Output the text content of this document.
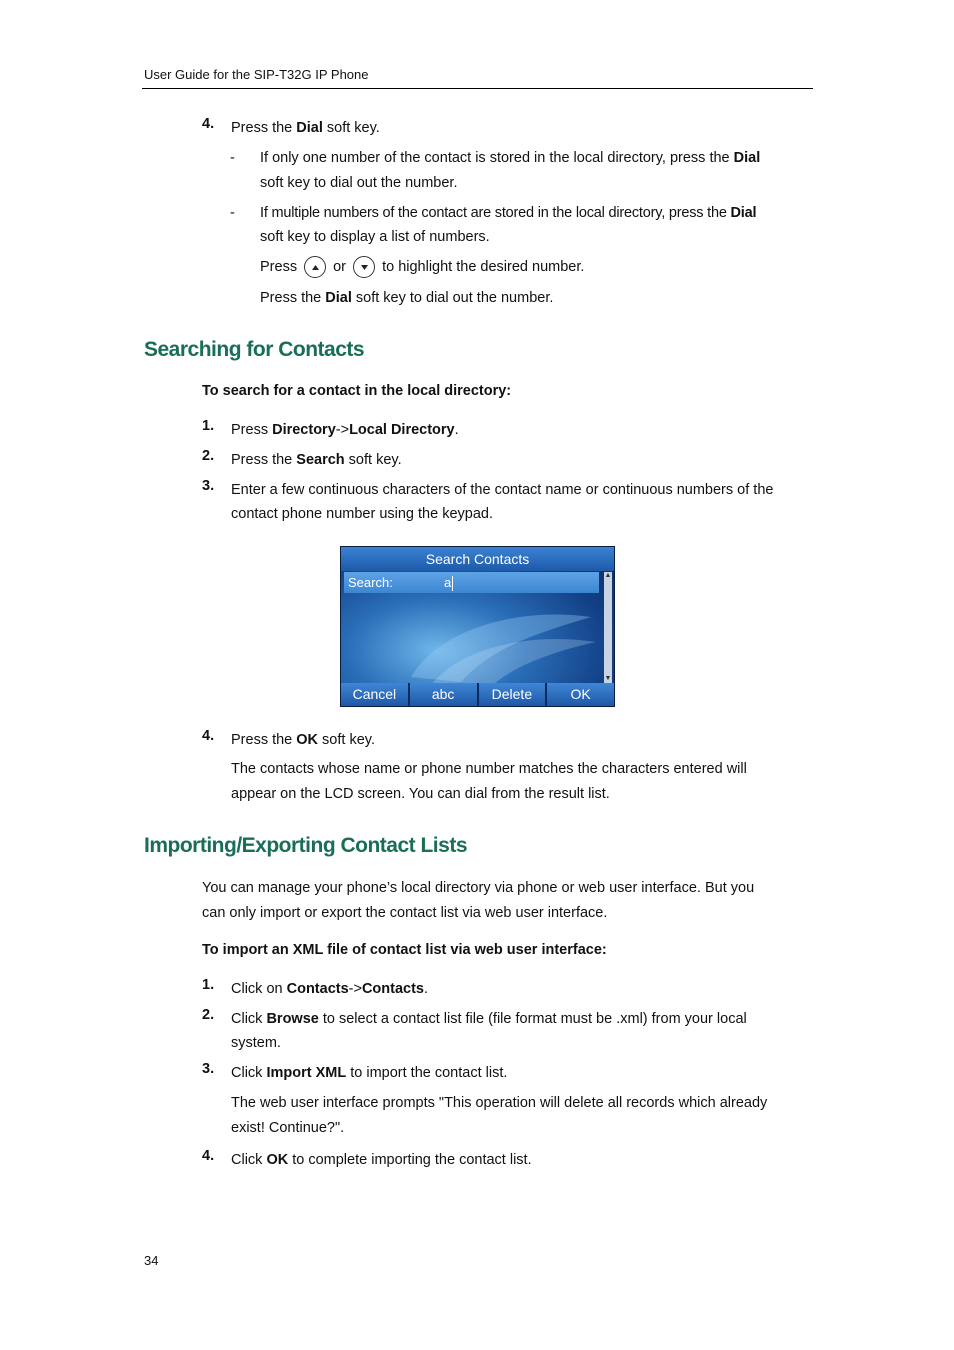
User Guide for the SIP-T32G IP Phone
4. Press the Dial soft key.
- If only one number of the contact is stored in the local directory, press the Dial
soft key to dial out the number.
- If multiple numbers of the contact are stored in the local directory, press the Dial
soft key to display a list of numbers.
Press
or
to highlight the desired number.
Press the Dial soft key to dial out the number.
Searching for Contacts
To search for a contact in the local directory:
1. Press Directory->Local Directory.
2. Press the Search soft key.
3. Enter a few continuous characters of the contact name or continuous numbers of the
contact phone number using the keypad.
Search Contacts
Search:	a	▲
▼
Cancel	abc	Delete	OK
4. Press the OK soft key.
The contacts whose name or phone number matches the characters entered will
appear on the LCD screen. You can dial from the result list.
Importing/Exporting Contact Lists
You can manage your phone’s local directory via phone or web user interface. But you
can only import or export the contact list via web user interface.
To import an XML file of contact list via web user interface:
1. Click on Contacts->Contacts.
2. Click Browse to select a contact list file (file format must be .xml) from your local
system.
3. Click Import XML to import the contact list.
The web user interface prompts "This operation will delete all records which already
exist! Continue?".
4. Click OK to complete importing the contact list.
34
